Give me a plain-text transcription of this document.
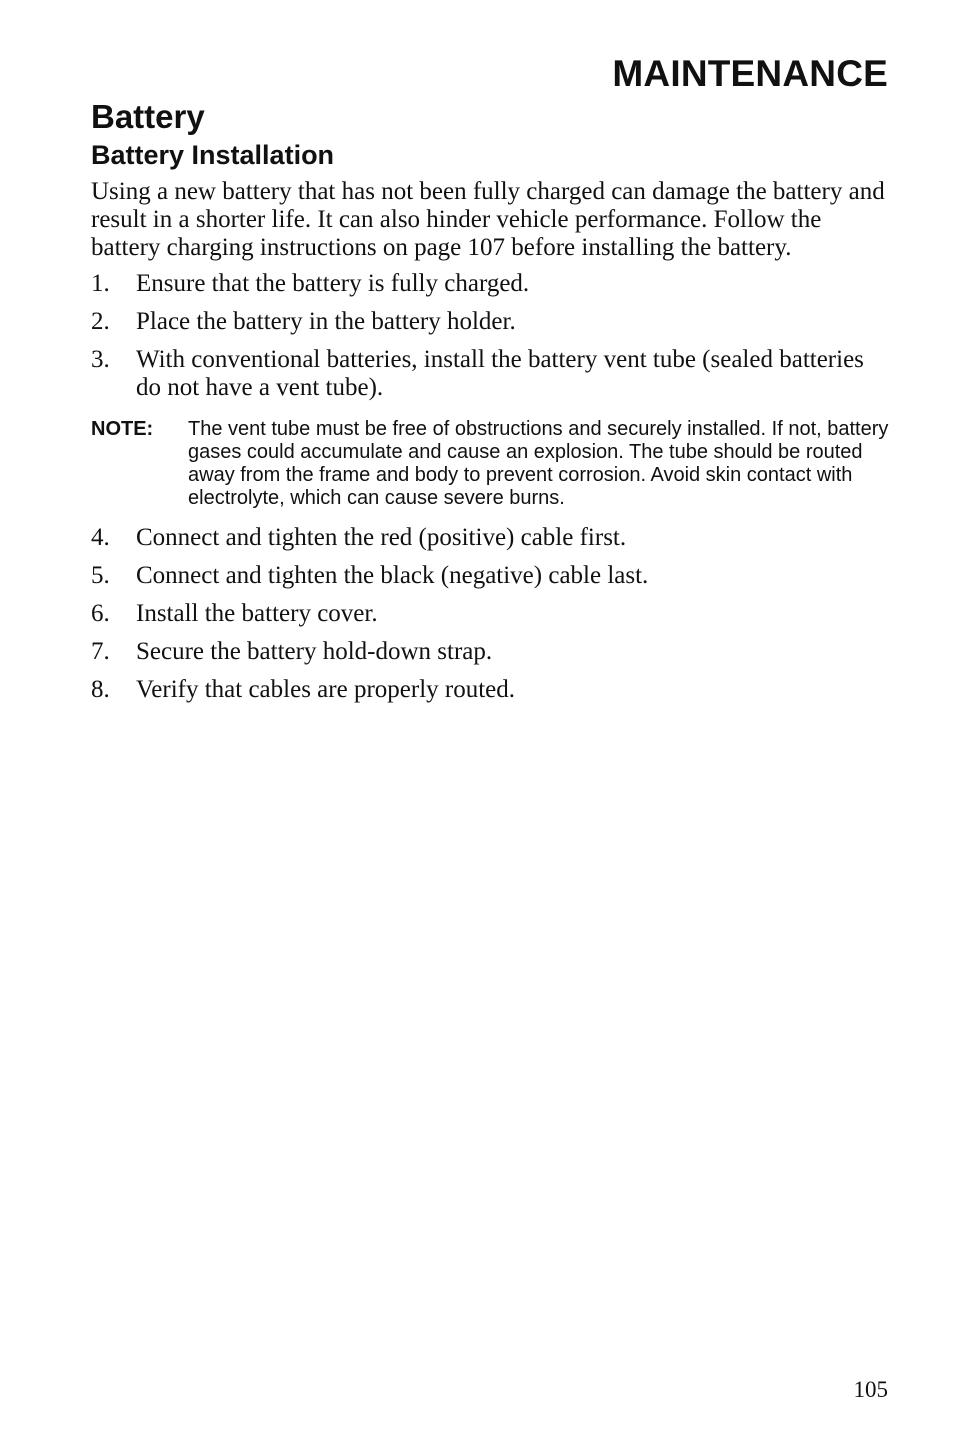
MAINTENANCE
Battery
Battery Installation

Using a new battery that has not been fully charged can damage the battery and result in a shorter life. It can also hinder vehicle performance. Follow the battery charging instructions on page 107 before installing the battery.

1. Ensure that the battery is fully charged.
2. Place the battery in the battery holder.
3. With conventional batteries, install the battery vent tube (sealed batteries do not have a vent tube).
NOTE: The vent tube must be free of obstructions and securely installed. If not, battery gases could accumulate and cause an explosion. The tube should be routed away from the frame and body to prevent corrosion. Avoid skin contact with electrolyte, which can cause severe burns.
4. Connect and tighten the red (positive) cable first.
5. Connect and tighten the black (negative) cable last.
6. Install the battery cover.
7. Secure the battery hold-down strap.
8. Verify that cables are properly routed.
105
